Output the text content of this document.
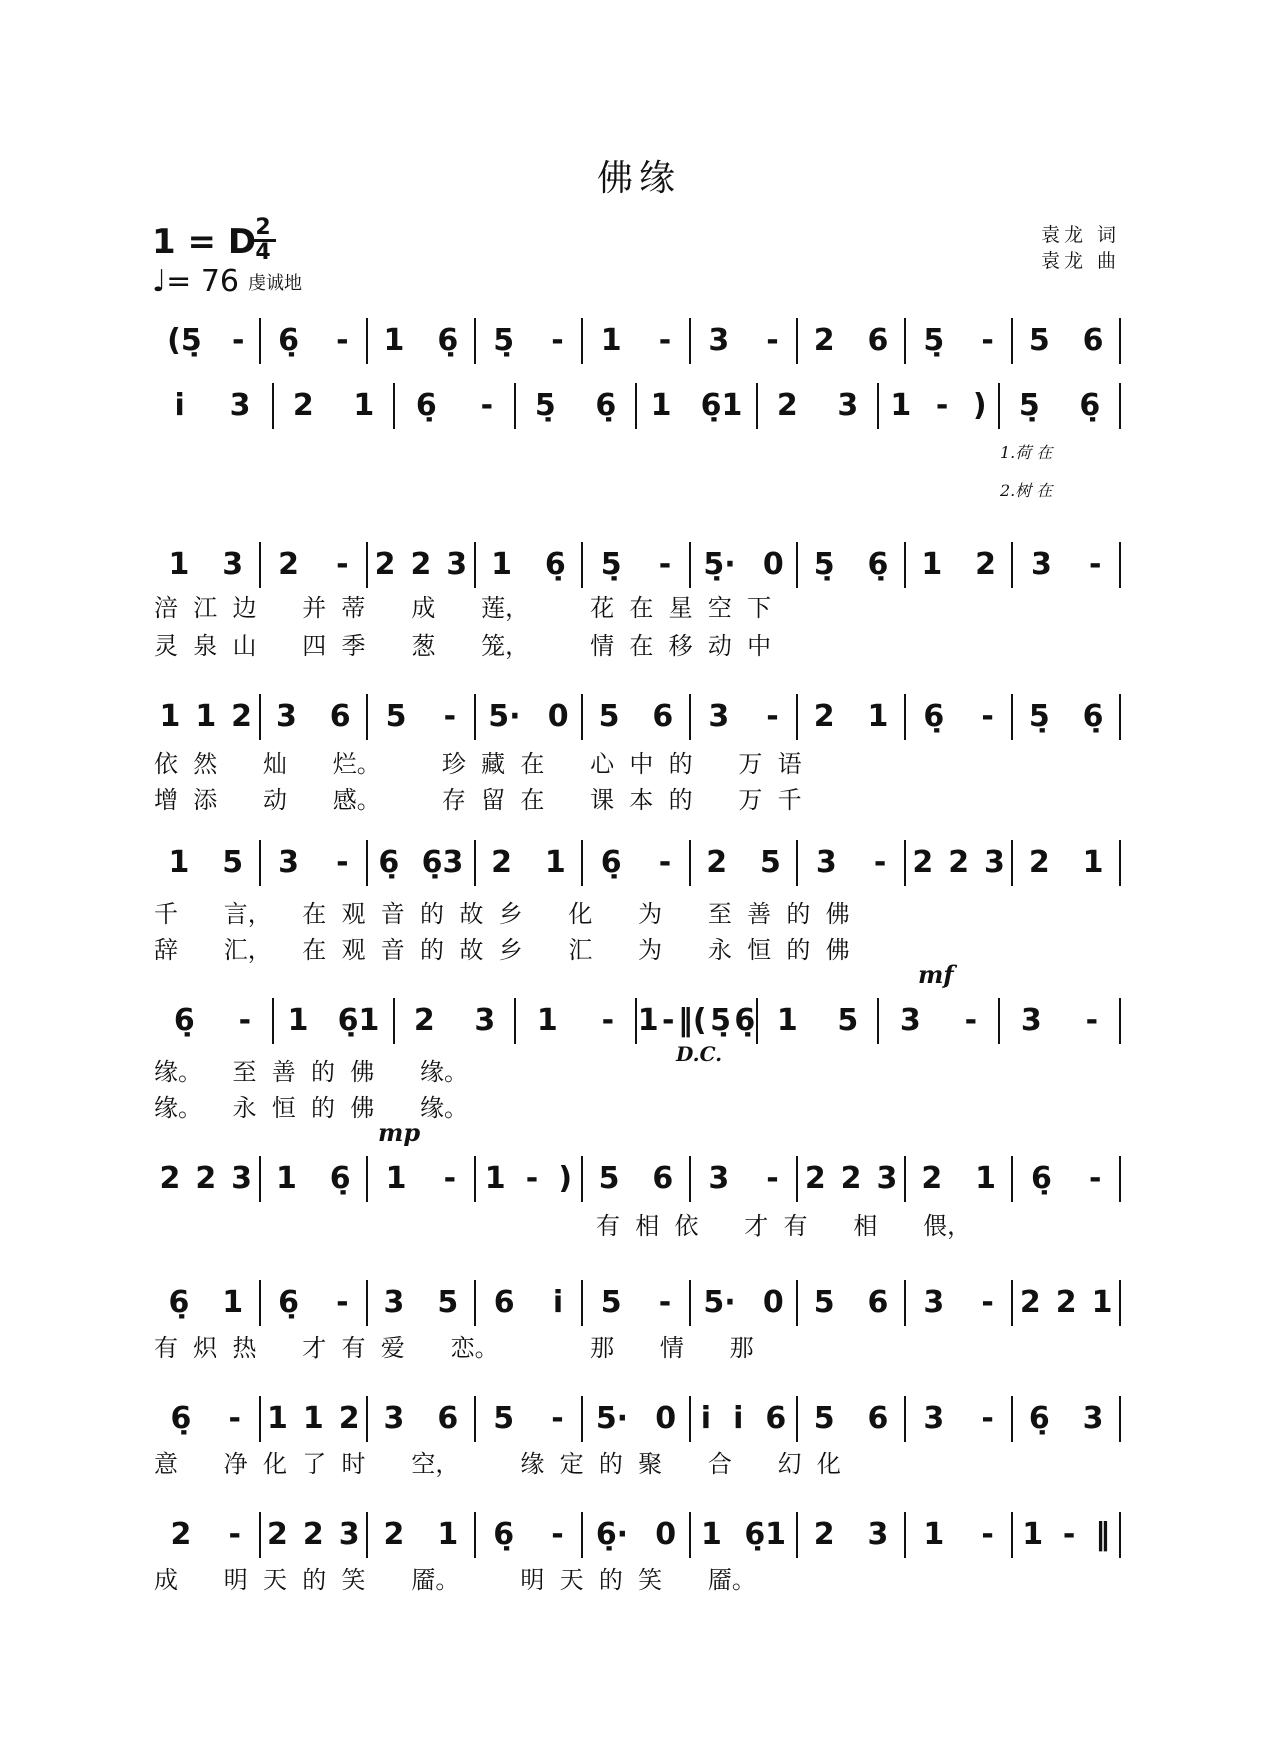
佛缘
1 = D 2
4
♩= 76 虔诚地
袁龙 词
袁龙 曲
(5̣ - 6̣ - 1 6̣ 5̣ - 1 - 3 - 2 6 5̣ - 5 6
i 3 2 1 6̣ - 5̣ 6̣ 1 6̣1 2 3 1 - ) 5̣ 6̣
1 3 2 - 2 2 3 1 6̣ 5̣ - 5̣· 0 5̣ 6̣ 1 2 3 -
1 1 2 3 6 5 - 5· 0 5 6 3 - 2 1 6̣ - 5̣ 6̣
1 5 3 - 6̣ 6̣3 2 1 6̣ - 2 5 3 - 2 2 3 2 1
6̣ - 1 6̣1 2 3 1 - 1 - ‖( 5̣ 6̣ 1 5 3 - 3 -
2 2 3 1 6̣ 1 - 1 - ) 5 6 3 - 2 2 3 2 1 6̣ -
6̣ 1 6̣ - 3 5 6 i 5 - 5· 0 5 6 3 - 2 2 1
6̣ - 1 1 2 3 6 5 - 5· 0 i i 6 5 6 3 - 6̣ 3
2 - 2 2 3 2 1 6̣ - 6̣· 0 1 6̣1 2 3 1 - 1 - ‖
1.荷 在
2.树 在
涪  江  边      并  蒂      成      莲，        花  在  星  空  下
灵  泉  山      四  季      葱      笼，        情  在  移  动  中
依  然      灿      烂。        珍  藏  在      心  中  的      万  语
增  添      动      感。        存  留  在      课  本  的      万  千
千      言，    在  观  音  的  故  乡      化      为      至  善  的  佛
辞      汇，    在  观  音  的  故  乡      汇      为      永  恒  的  佛
缘。    至  善  的  佛      缘。
缘。    永  恒  的  佛      缘。
有  相  依      才  有      相      偎，
有  炽  热      才  有  爱      恋。            那      情      那
意      净  化  了  时      空，        缘  定  的  聚      合      幻  化
成      明  天  的  笑      靥。        明  天  的  笑      靥。
D.C.
mf
mp
